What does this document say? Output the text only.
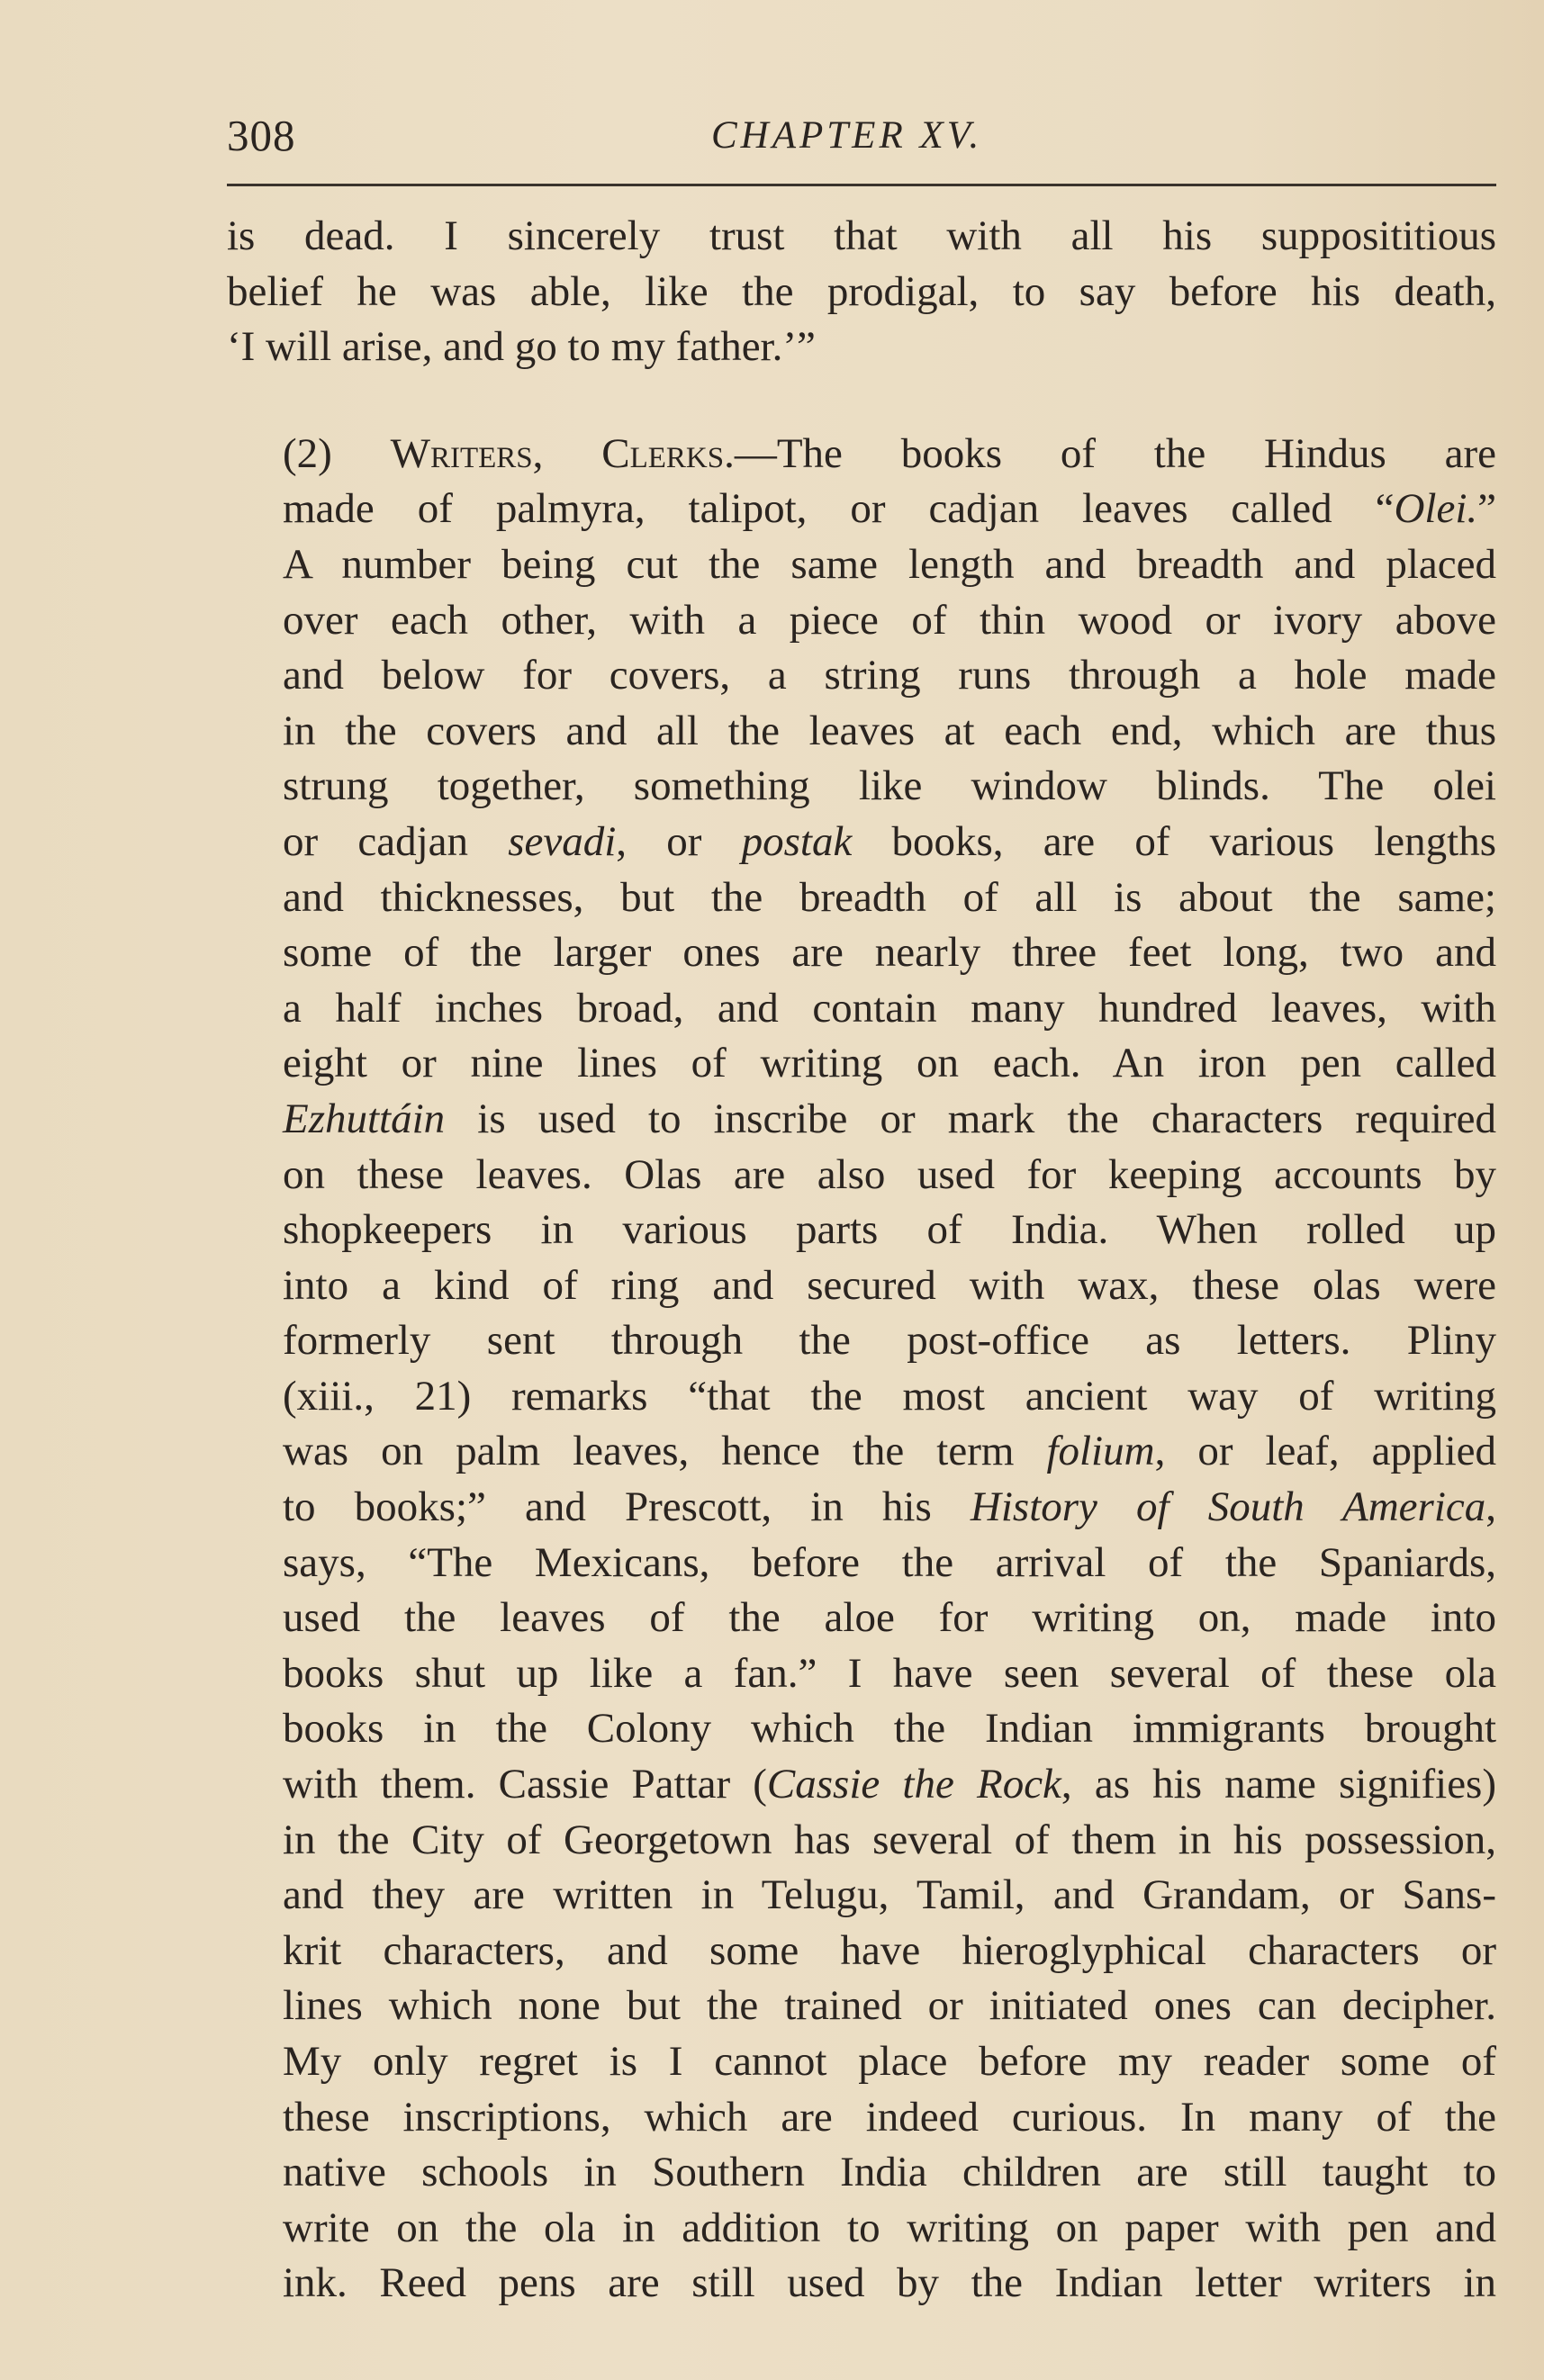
308	CHAPTER XV.

is dead. I sincerely trust that with all his supposititious
belief he was able, like the prodigal, to say before his death,
‘I will arise, and go to my father.’”

(2) Writers, Clerks.—The books of the Hindus are
made of palmyra, talipot, or cadjan leaves called “Olei.”
A number being cut the same length and breadth and placed
over each other, with a piece of thin wood or ivory above
and below for covers, a string runs through a hole made
in the covers and all the leaves at each end, which are thus
strung together, something like window blinds. The olei
or cadjan sevadi, or postak books, are of various lengths
and thicknesses, but the breadth of all is about the same;
some of the larger ones are nearly three feet long, two and
a half inches broad, and contain many hundred leaves, with
eight or nine lines of writing on each. An iron pen called
Ezhuttáin is used to inscribe or mark the characters required
on these leaves. Olas are also used for keeping accounts by
shopkeepers in various parts of India. When rolled up
into a kind of ring and secured with wax, these olas were
formerly sent through the post-office as letters. Pliny
(xiii., 21) remarks “that the most ancient way of writing
was on palm leaves, hence the term folium, or leaf, applied
to books;” and Prescott, in his History of South America,
says, “The Mexicans, before the arrival of the Spaniards,
used the leaves of the aloe for writing on, made into
books shut up like a fan.” I have seen several of these ola
books in the Colony which the Indian immigrants brought
with them. Cassie Pattar (Cassie the Rock, as his name signifies)
in the City of Georgetown has several of them in his possession,
and they are written in Telugu, Tamil, and Grandam, or Sans-
krit characters, and some have hieroglyphical characters or
lines which none but the trained or initiated ones can decipher.
My only regret is I cannot place before my reader some of
these inscriptions, which are indeed curious. In many of the
native schools in Southern India children are still taught to
write on the ola in addition to writing on paper with pen and
ink. Reed pens are still used by the Indian letter writers in
